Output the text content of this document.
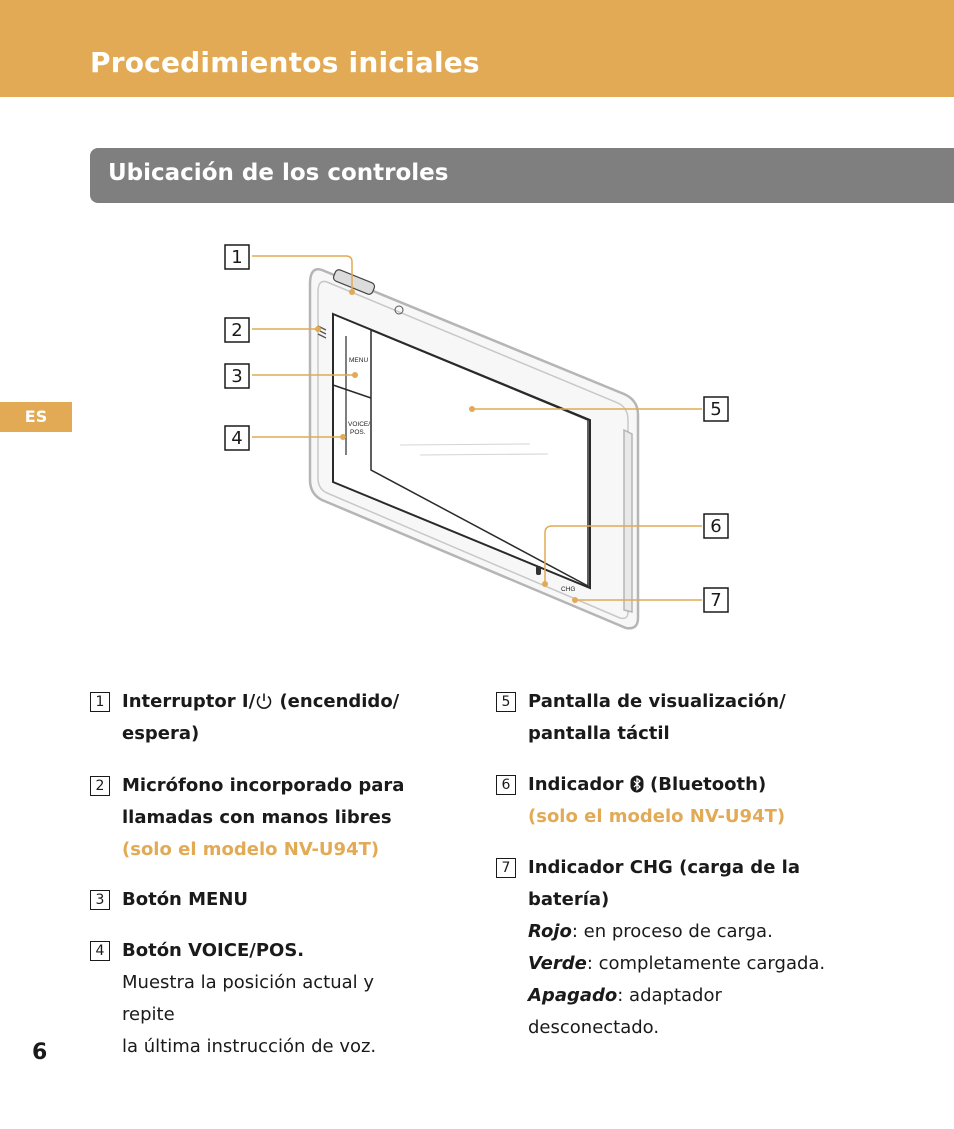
Procedimientos iniciales
Ubicación de los controles
ES
MENU
VOICE/
POS.
CHG
1
2
3
4
5
6
7
1 Interruptor I/ (encendido/
espera)
2 Micrófono incorporado para
llamadas con manos libres
(solo el modelo NV-U94T)
3 Botón MENU
4 Botón VOICE/POS.
Muestra la posición actual y repite
la última instrucción de voz.
5 Pantalla de visualización/
pantalla táctil
6 Indicador  (Bluetooth)
(solo el modelo NV-U94T)
7 Indicador CHG (carga de la
batería)
Rojo: en proceso de carga.
Verde: completamente cargada.
Apagado: adaptador
desconectado.
6
